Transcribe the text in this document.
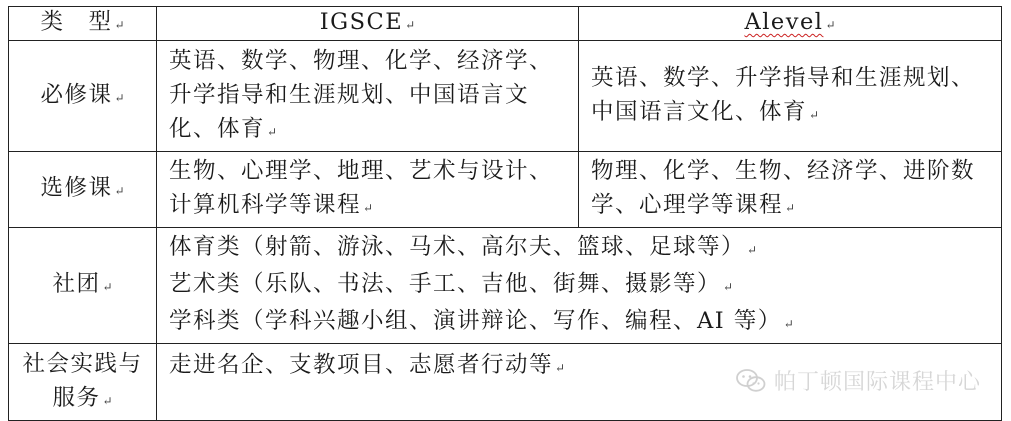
类　型 ↵	IGSCE ↵	Alevel ↵
必修课 ↵	英语、数学、物理、化学、经济学、升学指导和生涯规划、中国语言文化、体育 ↵	英语、数学、升学指导和生涯规划、中国语言文化、体育 ↵
选修课 ↵	生物、心理学、地理、艺术与设计、计算机科学等课程 ↵	物理、化学、生物、经济学、进阶数学、心理学等课程 ↵
社团 ↵	体育类（射箭、游泳、马术、高尔夫、篮球、足球等） ↵
艺术类（乐队、书法、手工、吉他、街舞、摄影等） ↵
学科类（学科兴趣小组、演讲辩论、写作、编程、AI 等） ↵	

社会实践与服务 ↵	走进名企、支教项目、志愿者行动等 ↵	
帕丁顿国际课程中心
